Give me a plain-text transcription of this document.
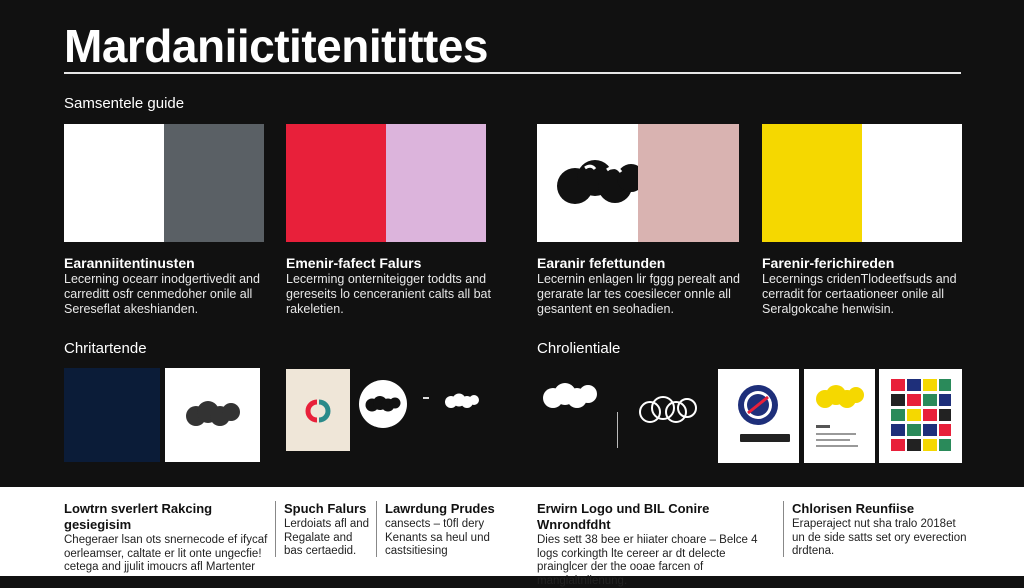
Mardaniictitenitittes
Samsentele guide
Earanniitentinusten
Lecerning ocearr inodgertivedit and carreditt osfr cenmedoher onile all Sereseflat akeshianden.
Emenir-fafect Falurs
Lecerming onterniteigger toddts and gereseits lo cenceranient calts all bat rakeletien.
Earanir fefettunden
Lecernin enlagen lir fggg perealt and gerarate lar tes coesilecer onnle all gesantent en seohadien.
Farenir-ferichireden
Lecernings cridenTlodeetfsuds and cerradit for certaationeer onile all Seralgokcahe henwisin.
Chritartende	Chrolientiale
Lowtrn sverlert Rakcing gesiegisim

Chegeraer lsan ots snernecode ef ifycaf oerleamser, caltate er lit onte ungecfie! cetega and jjulit imoucrs afl Martenter

Spuch Falurs

Lerdoiats afl and Regalate and bas certaedid.

Lawrdung Prudes

cansects – t0fl dery Kenants sa heul und castsitiesing

Erwirn Logo und BIL Conire Wnrondfdht

Dies sett 38 bee er hiiater choare – Belce 4 logs corkingth lte cereer ar dt delecte prainglcer der the ooae farcen of mangialtnilenung.

Chlorisen Reunfiise

Eraperaject nut sha tralo 2018et un de side satts set ory everection drdtena.
